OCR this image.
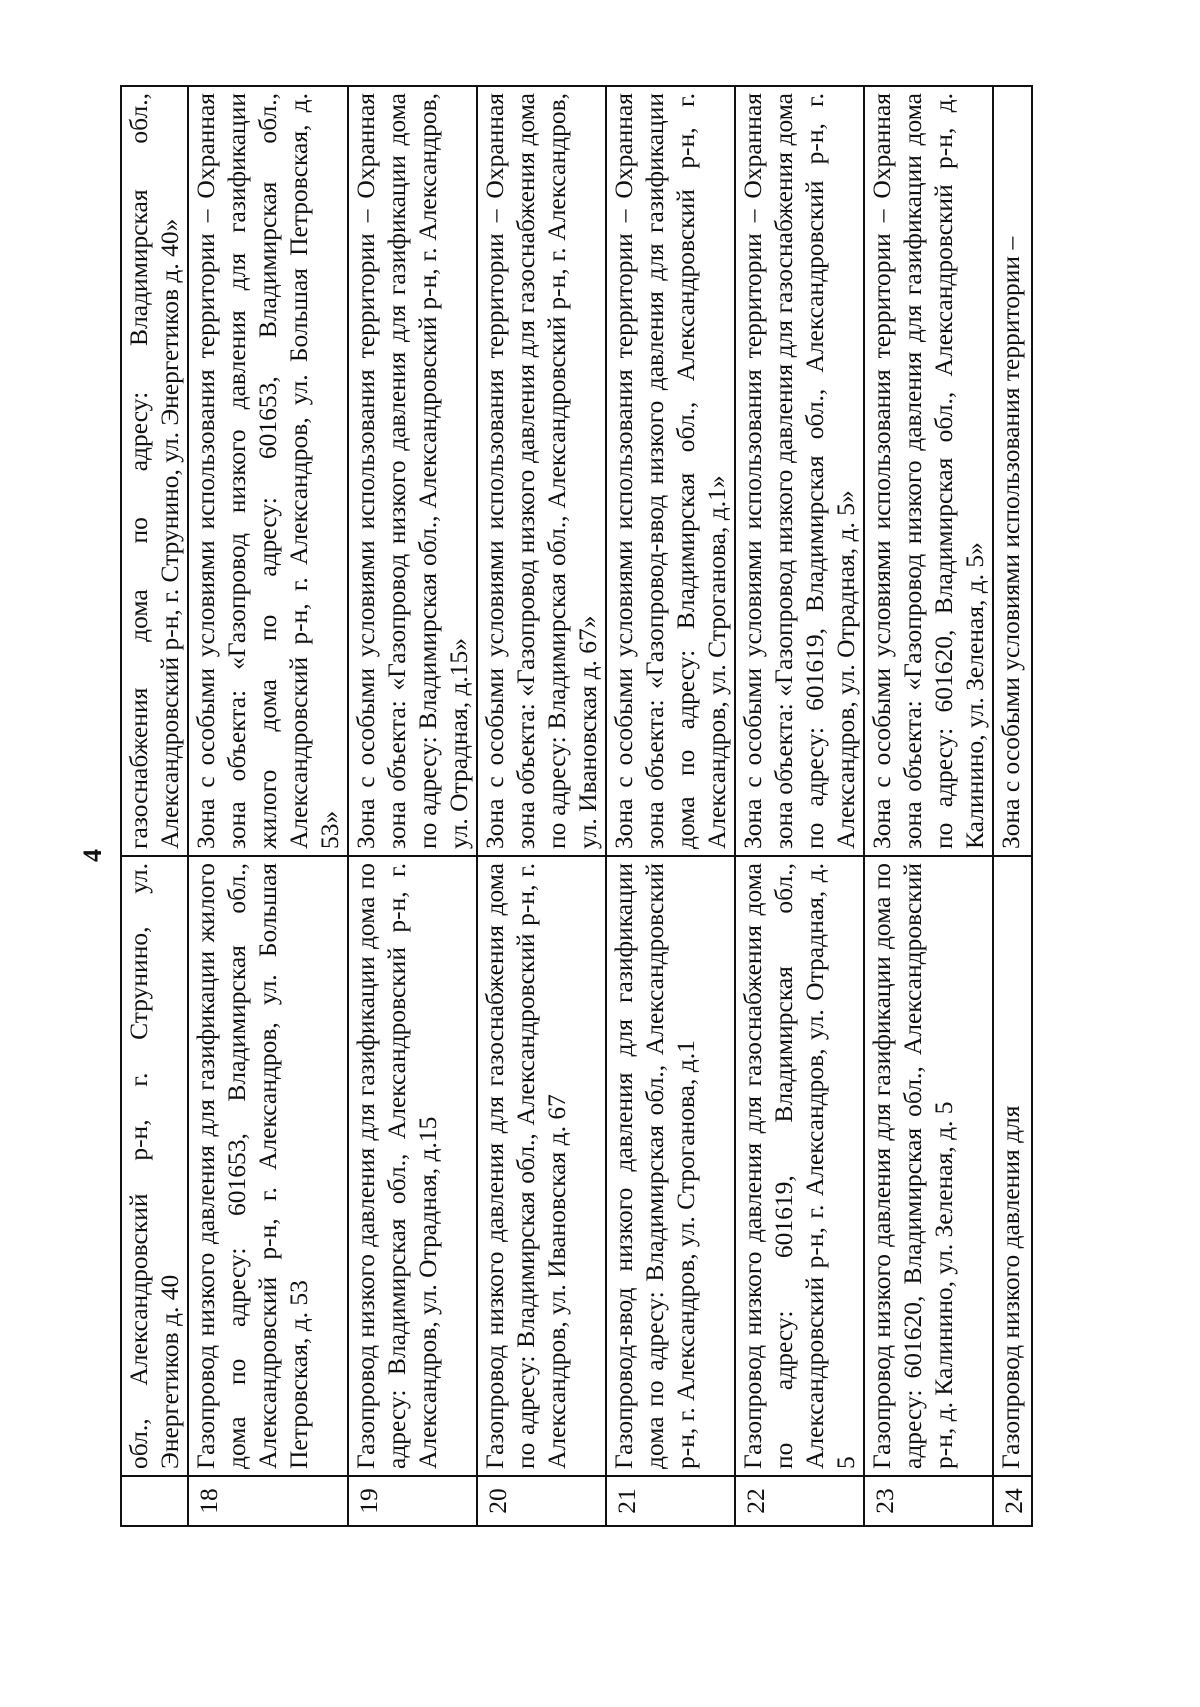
4
	обл., Александровский р-н, г. Струнино, ул. Энергетиков д. 40	газоснабжения дома по адресу: Владимирская обл., Александровский р-н, г. Струнино, ул. Энергетиков д. 40»
18	Газопровод низкого давления для газификации жилого дома по адресу: 601653, Владимирская обл., Александровский р-н, г. Александров, ул. Большая Петровская, д. 53	Зона с особыми условиями использования территории – Охранная зона объекта: «Газопровод низкого давления для газификации жилого дома по адресу: 601653, Владимирская обл., Александровский р-н, г. Александров, ул. Большая Петровская, д. 53»
19	Газопровод низкого давления для газификации дома по адресу: Владимирская обл., Александровский р-н, г. Александров, ул. Отрадная, д.15	Зона с особыми условиями использования территории – Охранная зона объекта: «Газопровод низкого давления для газификации дома по адресу: Владимирская обл., Александровский р-н, г. Александров, ул. Отрадная, д.15»
20	Газопровод низкого давления для газоснабжения дома по адресу: Владимирская обл., Александровский р-н, г. Александров, ул. Ивановская д. 67	Зона с особыми условиями использования территории – Охранная зона объекта: «Газопровод низкого давления для газоснабжения дома по адресу: Владимирская обл., Александровский р-н, г. Александров, ул. Ивановская д. 67»
21	Газопровод-ввод низкого давления для газификации дома по адресу: Владимирская обл., Александровский р-н, г. Александров, ул. Строганова, д.1	Зона с особыми условиями использования территории – Охранная зона объекта: «Газопровод-ввод низкого давления для газификации дома по адресу: Владимирская обл., Александровский р-н, г. Александров, ул. Строганова, д.1»
22	Газопровод низкого давления для газоснабжения дома по адресу: 601619, Владимирская обл., Александровский р-н, г. Александров, ул. Отрадная, д. 5	Зона с особыми условиями использования территории – Охранная зона объекта: «Газопровод низкого давления для газоснабжения дома по адресу: 601619, Владимирская обл., Александровский р-н, г. Александров, ул. Отрадная, д. 5»
23	Газопровод низкого давления для газификации дома по адресу: 601620, Владимирская обл., Александровский р-н, д. Калинино, ул. Зеленая, д. 5	Зона с особыми условиями использования территории – Охранная зона объекта: «Газопровод низкого давления для газификации дома по адресу: 601620, Владимирская обл., Александровский р-н, д. Калинино, ул. Зеленая, д. 5»
24	Газопровод низкого давления для	Зона с особыми условиями использования территории –
